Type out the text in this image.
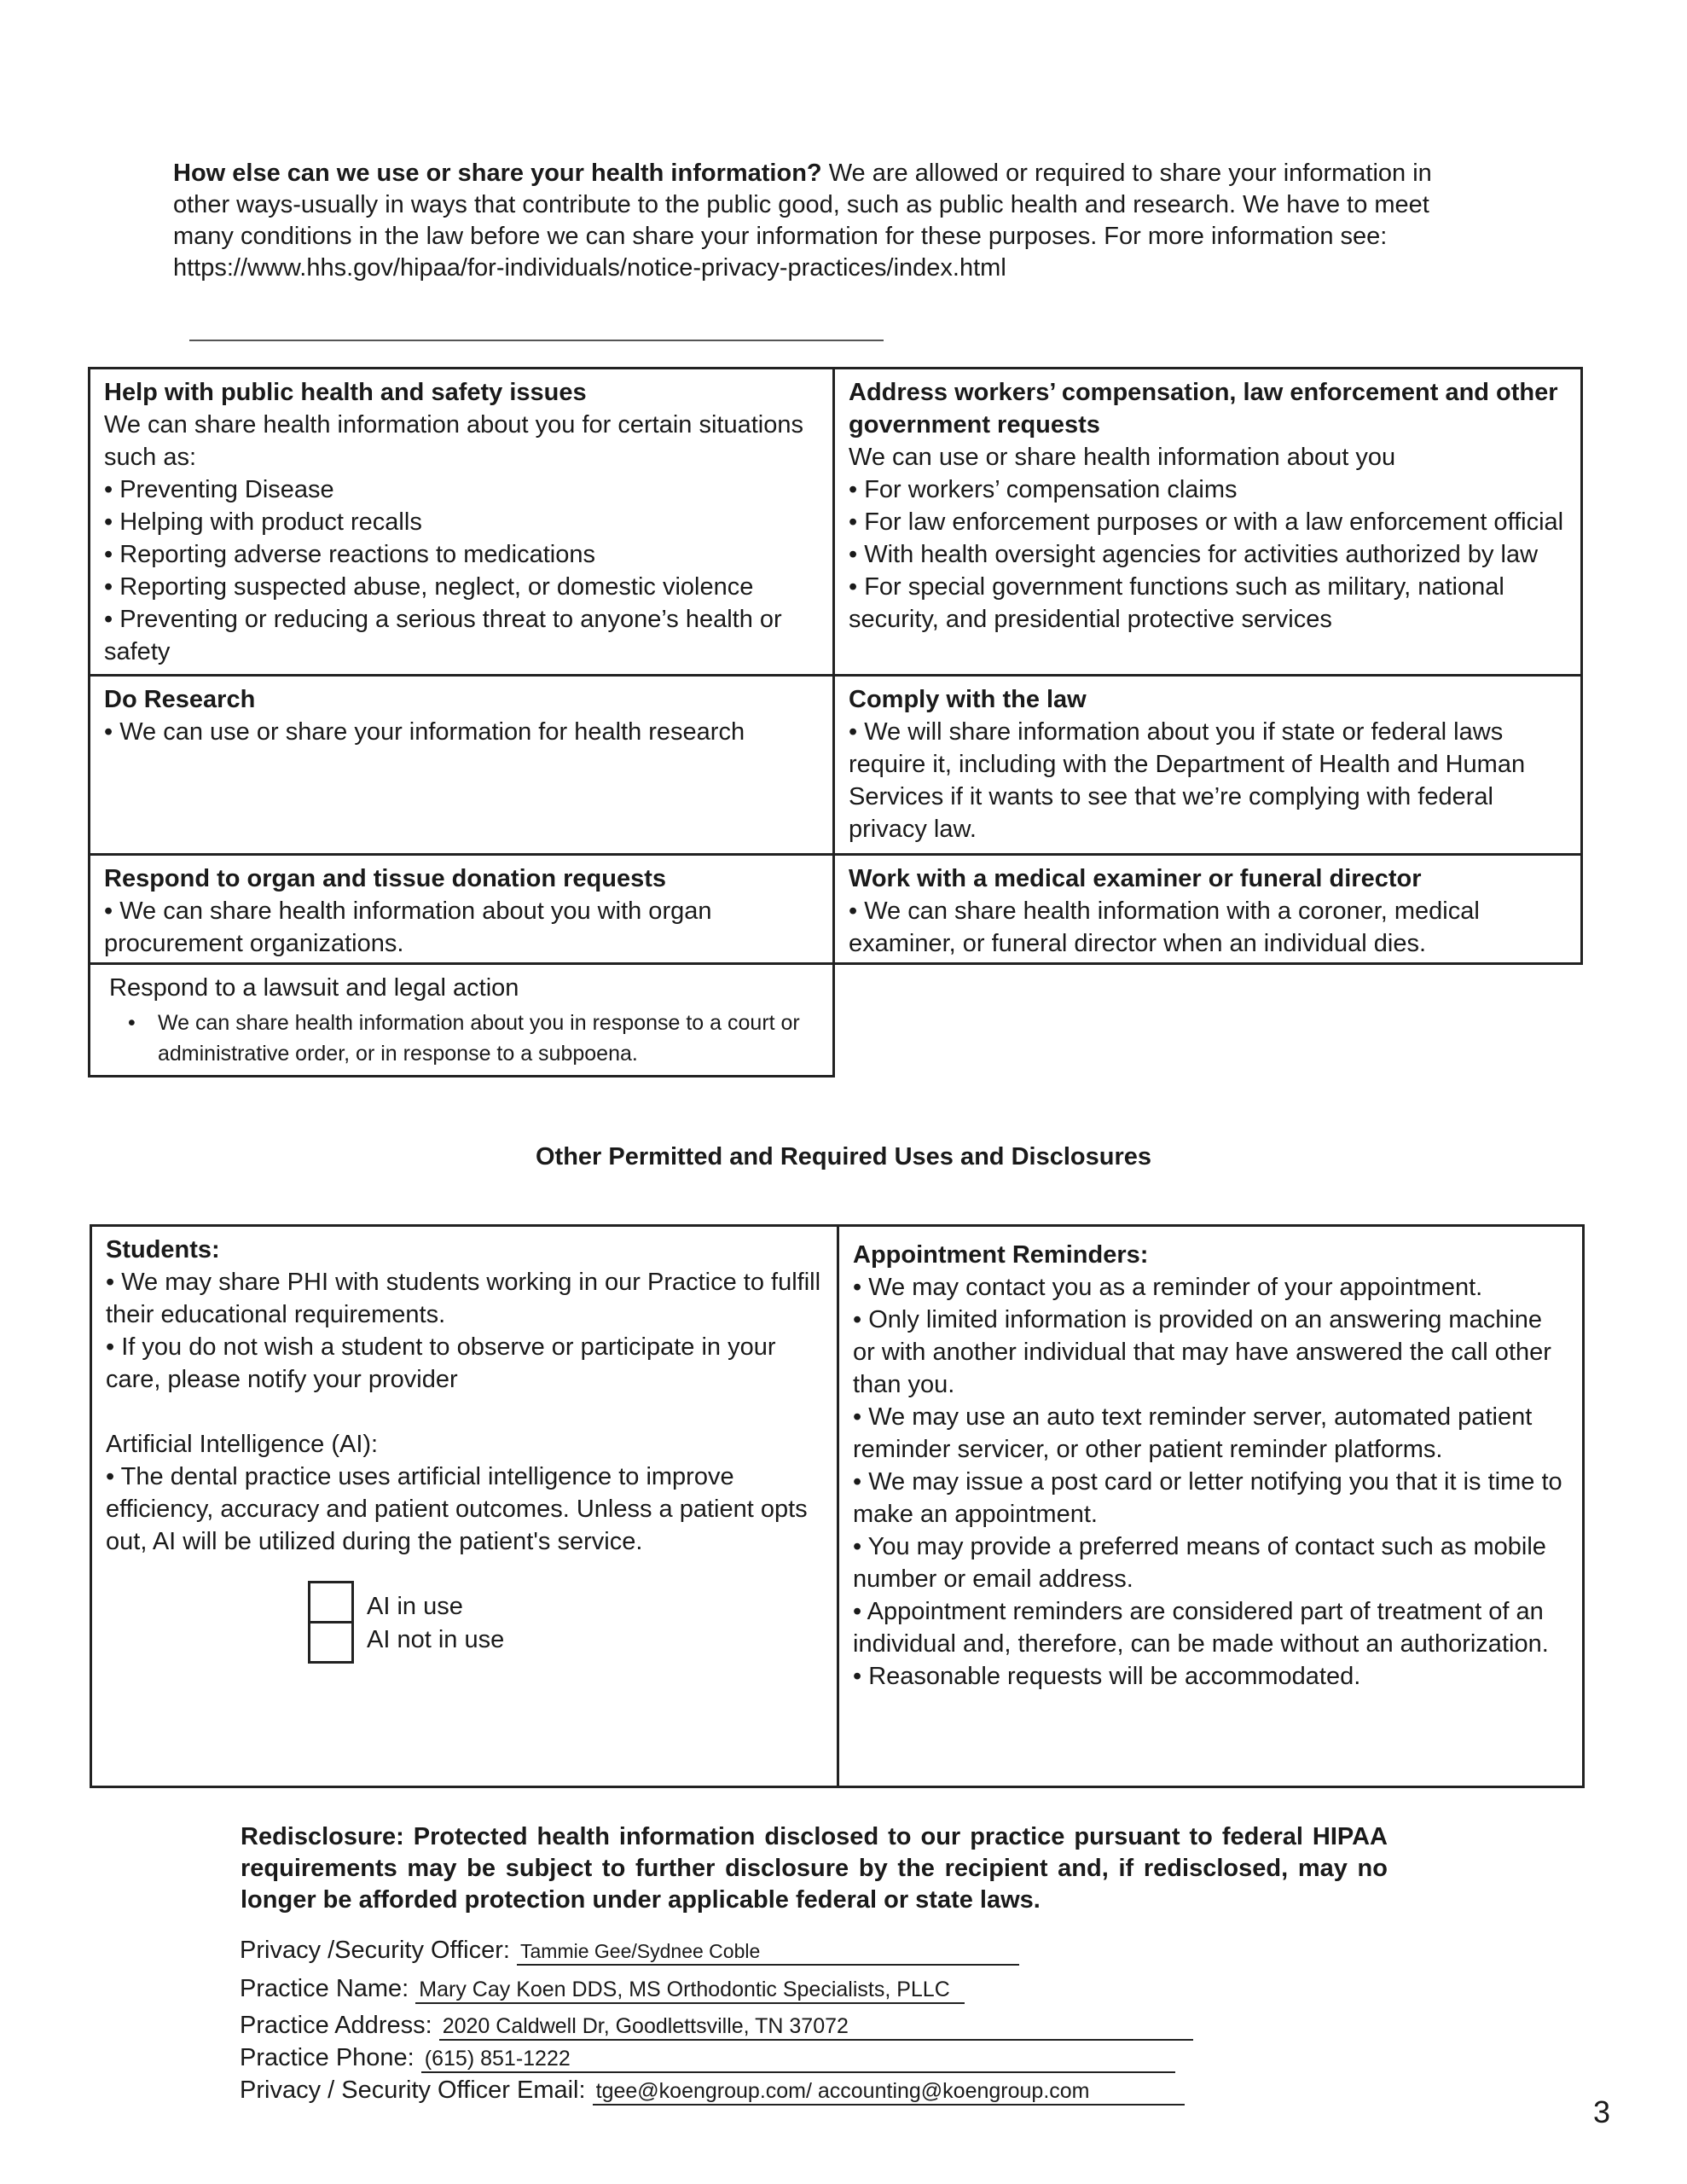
How else can we use or share your health information? We are allowed or required to share your information in other ways-usually in ways that contribute to the public good, such as public health and research. We have to meet many conditions in the law before we can share your information for these purposes. For more information see: https://www.hhs.gov/hipaa/for-individuals/notice-privacy-practices/index.html
Help with public health and safety issues
We can share health information about you for certain situations such as:
• Preventing Disease
• Helping with product recalls
• Reporting adverse reactions to medications
• Reporting suspected abuse, neglect, or domestic violence
• Preventing or reducing a serious threat to anyone’s health or safety
Address workers’ compensation, law enforcement and other government requests
We can use or share health information about you
• For workers’ compensation claims
• For law enforcement purposes or with a law enforcement official
• With health oversight agencies for activities authorized by law
• For special government functions such as military, national security, and presidential protective services
Do Research
• We can use or share your information for health research
Comply with the law
• We will share information about you if state or federal laws require it, including with the Department of Health and Human Services if it wants to see that we’re complying with federal privacy law.
Respond to organ and tissue donation requests
• We can share health information about you with organ procurement organizations.
Work with a medical examiner or funeral director
• We can share health information with a coroner, medical examiner, or funeral director when an individual dies.
Respond to a lawsuit and legal action
• We can share health information about you in response to a court or administrative order, or in response to a subpoena.
Other Permitted and Required Uses and Disclosures
Students:
• We may share PHI with students working in our Practice to fulfill their educational requirements.
• If you do not wish a student to observe or participate in your care, please notify your provider
Artificial Intelligence (AI):
• The dental practice uses artificial intelligence to improve efficiency, accuracy and patient outcomes. Unless a patient opts out, AI will be utilized during the patient's service.
AI in use
AI not in use
Appointment Reminders:
• We may contact you as a reminder of your appointment.
• Only limited information is provided on an answering machine or with another individual that may have answered the call other than you.
• We may use an auto text reminder server, automated patient reminder servicer, or other patient reminder platforms.
• We may issue a post card or letter notifying you that it is time to make an appointment.
• You may provide a preferred means of contact such as mobile number or email address.
• Appointment reminders are considered part of treatment of an individual and, therefore, can be made without an authorization.
• Reasonable requests will be accommodated.
Redisclosure: Protected health information disclosed to our practice pursuant to federal HIPAA requirements may be subject to further disclosure by the recipient and, if redisclosed, may no longer be afforded protection under applicable federal or state laws.
Privacy /Security Officer: Tammie Gee/Sydnee Coble
Practice Name: Mary Cay Koen DDS, MS Orthodontic Specialists, PLLC
Practice Address: 2020 Caldwell Dr, Goodlettsville, TN 37072
Practice Phone: (615) 851-1222
Privacy / Security Officer Email: tgee@koengroup.com/ accounting@koengroup.com
3
